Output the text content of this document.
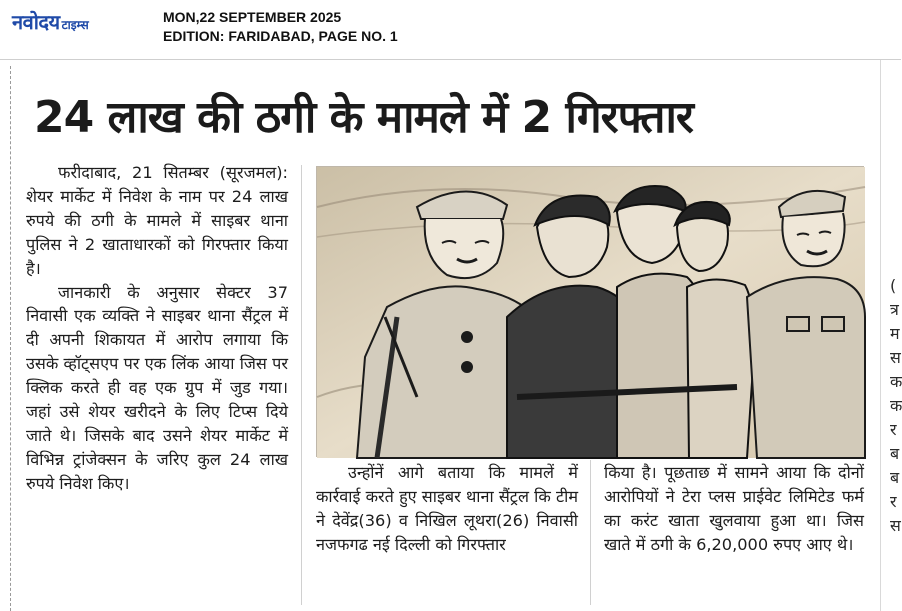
नवोदय टाइम्स	MON,22 SEPTEMBER 2025
EDITION: FARIDABAD, PAGE NO. 1
24 लाख की ठगी के मामले में 2 गिरफ्तार

फरीदाबाद, 21 सितम्बर (सूरजमल): शेयर मार्केट में निवेश के नाम पर 24 लाख रुपये की ठगी के मामले में साइबर थाना पुलिस ने 2 खाताधारकों को गिरफ्तार किया है।

जानकारी के अनुसार सेक्टर 37 निवासी एक व्यक्ति ने साइबर थाना सैंट्रल में दी अपनी शिकायत में आरोप लगाया कि उसके व्हॉट्सएप पर एक लिंक आया जिस पर क्लिक करते ही वह एक ग्रुप में जुड गया। जहां उसे शेयर खरीदने के लिए टिप्स दिये जाते थे। जिसके बाद उसने शेयर मार्केट में विभिन्न ट्रांजेक्सन के जरिए कुल 24 लाख रुपये निवेश किए।

उन्होंनें आगे बताया कि मामलें में कार्रवाई करते हुए साइबर थाना सैंट्रल कि टीम ने देवेंद्र(36) व निखिल लूथरा(26) निवासी नजफगढ नई दिल्ली को गिरफ्तार

किया है। पूछताछ में सामने आया कि दोनों आरोपियों ने टेरा प्लस प्राईवेट लिमिटेड फर्म का करंट खाता खुलवाया हुआ था। जिस खाते में ठगी के 6,20,000 रुपए आए थे।

( त्र म स क क र ब ब र स
